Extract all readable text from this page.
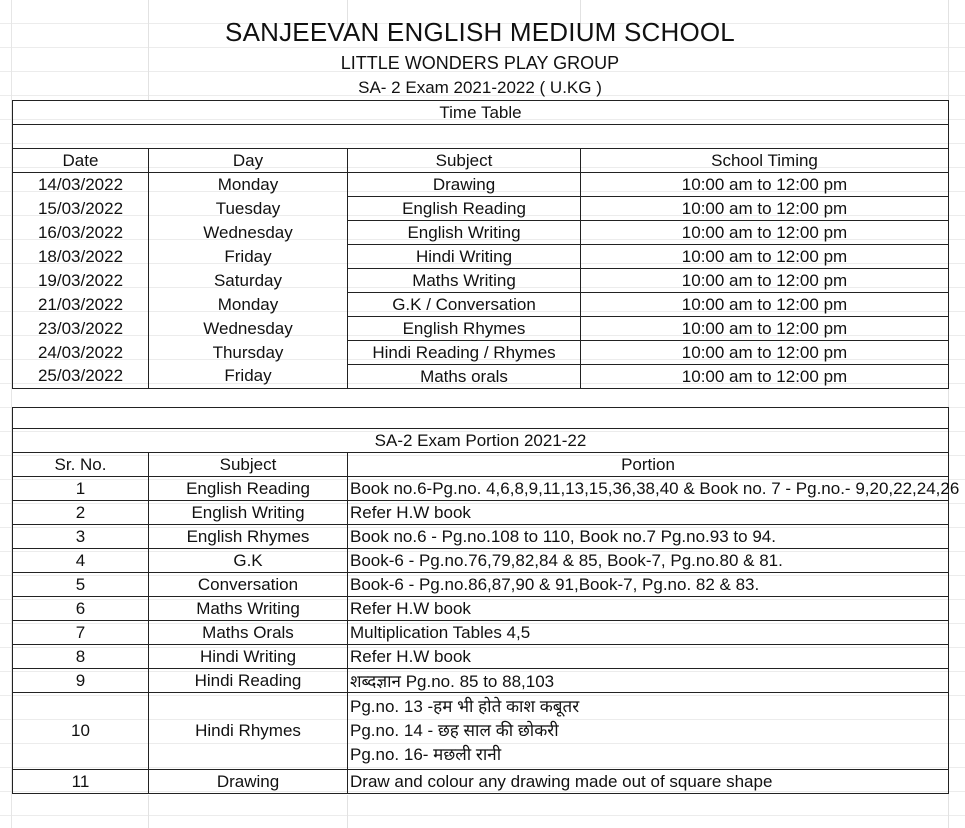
SANJEEVAN ENGLISH MEDIUM SCHOOL
LITTLE WONDERS PLAY GROUP
SA- 2 Exam 2021-2022 ( U.KG )
Time Table
Date	Day	Subject	School Timing
14/03/2022	Monday	Drawing	10:00 am to 12:00 pm
15/03/2022	Tuesday	English Reading	10:00 am to 12:00 pm
16/03/2022	Wednesday	English Writing	10:00 am to 12:00 pm
18/03/2022	Friday	Hindi Writing	10:00 am to 12:00 pm
19/03/2022	Saturday	Maths Writing	10:00 am to 12:00 pm
21/03/2022	Monday	G.K / Conversation	10:00 am to 12:00 pm
23/03/2022	Wednesday	English Rhymes	10:00 am to 12:00 pm
24/03/2022	Thursday	Hindi Reading / Rhymes	10:00 am to 12:00 pm
25/03/2022	Friday	Maths orals	10:00 am to 12:00 pm
SA-2 Exam Portion 2021-22
Sr. No.	Subject	Portion
1	English Reading	Book no.6-Pg.no. 4,6,8,9,11,13,15,36,38,40 & Book no. 7 - Pg.no.- 9,20,22,24,26
2	English Writing	Refer H.W book
3	English Rhymes	Book no.6 - Pg.no.108 to 110, Book no.7 Pg.no.93 to 94.
4	G.K	Book-6 - Pg.no.76,79,82,84 & 85, Book-7, Pg.no.80 & 81.
5	Conversation	Book-6 - Pg.no.86,87,90 & 91,Book-7, Pg.no. 82 & 83.
6	Maths Writing	Refer H.W book
7	Maths Orals	Multiplication Tables 4,5
8	Hindi Writing	Refer H.W book
9	Hindi Reading	शब्दज्ञान Pg.no. 85 to 88,103
10	Hindi Rhymes
Pg.no. 13 -हम भी होते काश कबूतर
Pg.no. 14 - छह साल की छोकरी
Pg.no. 16- मछली रानी
11	Drawing	Draw and colour any drawing made out of square shape
